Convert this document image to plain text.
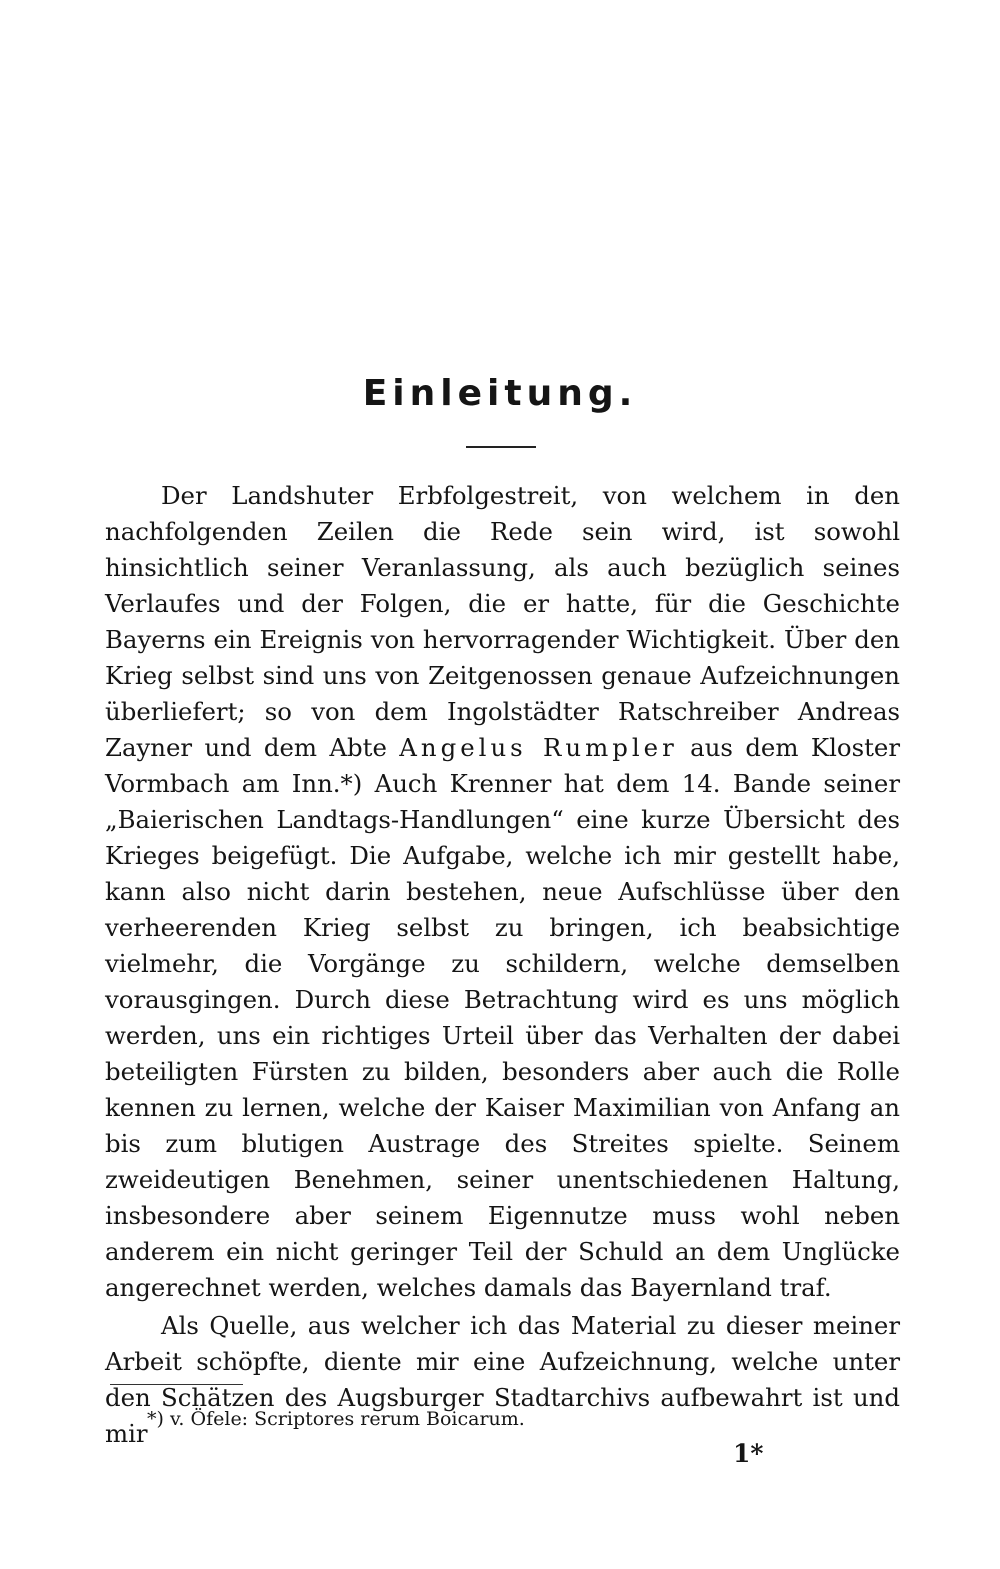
Einleitung.

Der Landshuter Erbfolgestreit, von welchem in den nachfolgenden Zeilen die Rede sein wird, ist sowohl hinsichtlich seiner Veranlassung, als auch bezüglich seines Verlaufes und der Folgen, die er hatte, für die Geschichte Bayerns ein Ereignis von hervorragender Wichtigkeit. Über den Krieg selbst sind uns von Zeitgenossen genaue Aufzeichnungen überliefert; so von dem Ingolstädter Ratschreiber Andreas Zayner und dem Abte Angelus Rumpler aus dem Kloster Vormbach am Inn.*) Auch Krenner hat dem 14. Bande seiner „Baierischen Landtags-Handlungen“ eine kurze Übersicht des Krieges beigefügt. Die Aufgabe, welche ich mir gestellt habe, kann also nicht darin bestehen, neue Aufschlüsse über den verheerenden Krieg selbst zu bringen, ich beabsichtige vielmehr, die Vorgänge zu schildern, welche demselben vorausgingen. Durch diese Betrachtung wird es uns möglich werden, uns ein richtiges Urteil über das Verhalten der dabei beteiligten Fürsten zu bilden, besonders aber auch die Rolle kennen zu lernen, welche der Kaiser Maximilian von Anfang an bis zum blutigen Austrage des Streites spielte. Seinem zweideutigen Benehmen, seiner unentschiedenen Haltung, insbesondere aber seinem Eigennutze muss wohl neben anderem ein nicht geringer Teil der Schuld an dem Unglücke angerechnet werden, welches damals das Bayernland traf.

Als Quelle, aus welcher ich das Material zu dieser meiner Arbeit schöpfte, diente mir eine Aufzeichnung, welche unter den Schätzen des Augsburger Stadtarchivs aufbewahrt ist und mir *) v. Öfele: Scriptores rerum Boicarum.

1*
